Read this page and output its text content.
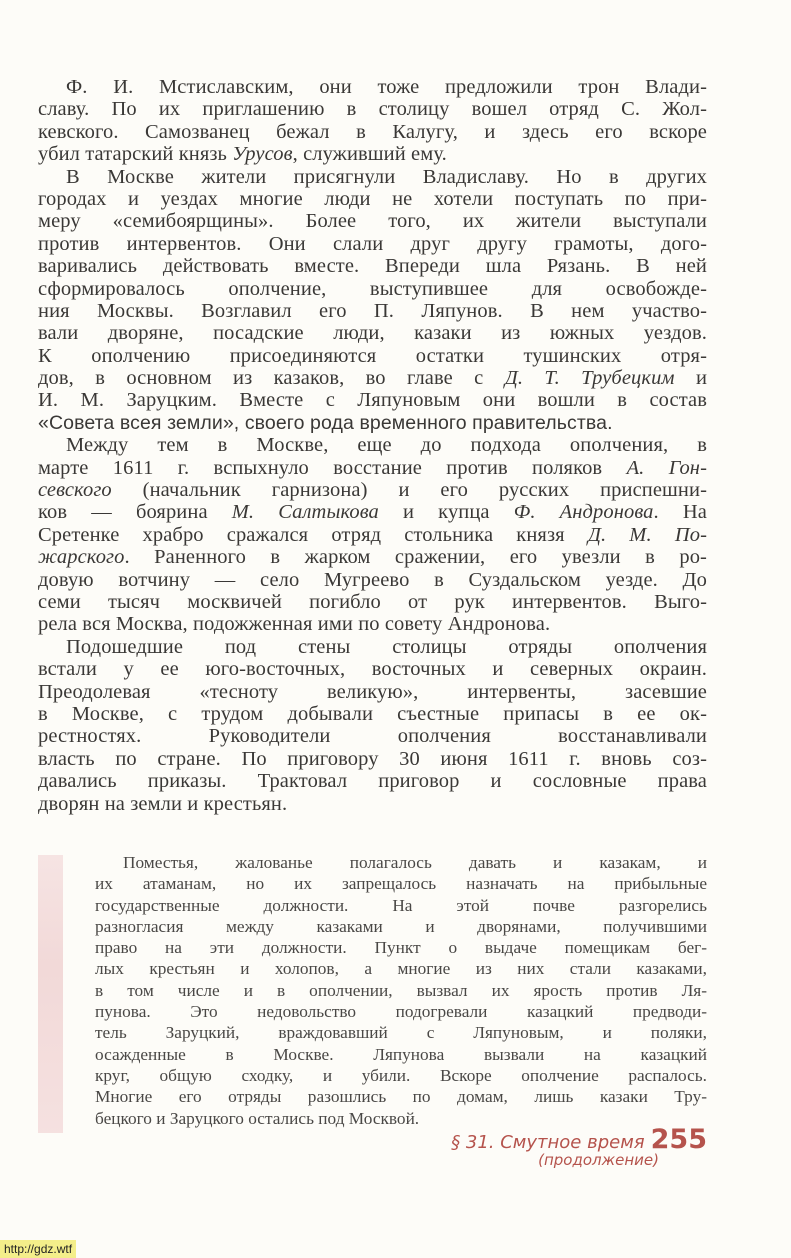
Ф. И. Мстиславским, они тоже предложили трон Влади-
славу. По их приглашению в столицу вошел отряд С. Жол-
кевского. Самозванец бежал в Калугу, и здесь его вскоре
убил татарский князь Урусов, служивший ему.
В Москве жители присягнули Владиславу. Но в других
городах и уездах многие люди не хотели поступать по при-
меру «семибоярщины». Более того, их жители выступали
против интервентов. Они слали друг другу грамоты, дого-
варивались действовать вместе. Впереди шла Рязань. В ней
сформировалось ополчение, выступившее для освобожде-
ния Москвы. Возглавил его П. Ляпунов. В нем участво-
вали дворяне, посадские люди, казаки из южных уездов.
К ополчению присоединяются остатки тушинских отря-
дов, в основном из казаков, во главе с Д. Т. Трубецким и
И. М. Заруцким. Вместе с Ляпуновым они вошли в состав
«Совета всея земли», своего рода временного правительства.
Между тем в Москве, еще до подхода ополчения, в
марте 1611 г. вспыхнуло восстание против поляков А. Гон-
севского (начальник гарнизона) и его русских приспешни-
ков — боярина М. Салтыкова и купца Ф. Андронова. На
Сретенке храбро сражался отряд стольника князя Д. М. По-
жарского. Раненного в жарком сражении, его увезли в ро-
довую вотчину — село Мугреево в Суздальском уезде. До
семи тысяч москвичей погибло от рук интервентов. Выго-
рела вся Москва, подожженная ими по совету Андронова.
Подошедшие под стены столицы отряды ополчения
встали у ее юго-восточных, восточных и северных окраин.
Преодолевая «тесноту великую», интервенты, засевшие
в Москве, с трудом добывали съестные припасы в ее ок-
рестностях. Руководители ополчения восстанавливали
власть по стране. По приговору 30 июня 1611 г. вновь соз-
давались приказы. Трактовал приговор и сословные права
дворян на земли и крестьян.
Поместья, жалованье полагалось давать и казакам, и
их атаманам, но их запрещалось назначать на прибыльные
государственные должности. На этой почве разгорелись
разногласия между казаками и дворянами, получившими
право на эти должности. Пункт о выдаче помещикам бег-
лых крестьян и холопов, а многие из них стали казаками,
в том числе и в ополчении, вызвал их ярость против Ля-
пунова. Это недовольство подогревали казацкий предводи-
тель Заруцкий, враждовавший с Ляпуновым, и поляки,
осажденные в Москве. Ляпунова вызвали на казацкий
круг, общую сходку, и убили. Вскоре ополчение распалось.
Многие его отряды разошлись по домам, лишь казаки Тру-
бецкого и Заруцкого остались под Москвой.
§ 31. Смутное время 255
(продолжение)
http://gdz.wtf
